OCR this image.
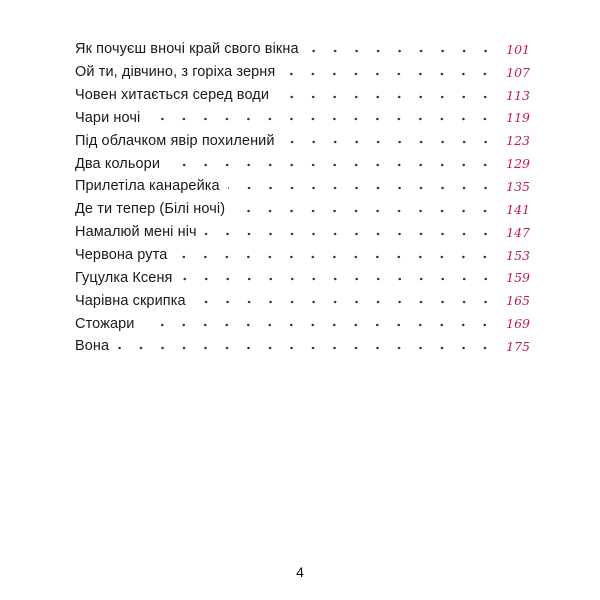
Як почуєш вночі край свого вікна	101
Ой ти, дівчино, з горіха зерня	107
Човен хитається серед води	113
Чари ночі	119
Під облачком явір похилений	123
Два кольори	129
Прилетіла канарейка	135
Де ти тепер (Білі ночі)	141
Намалюй мені ніч	147
Червона рута	153
Гуцулка Ксеня	159
Чарівна скрипка	165
Стожари	169
Вона	175
4
